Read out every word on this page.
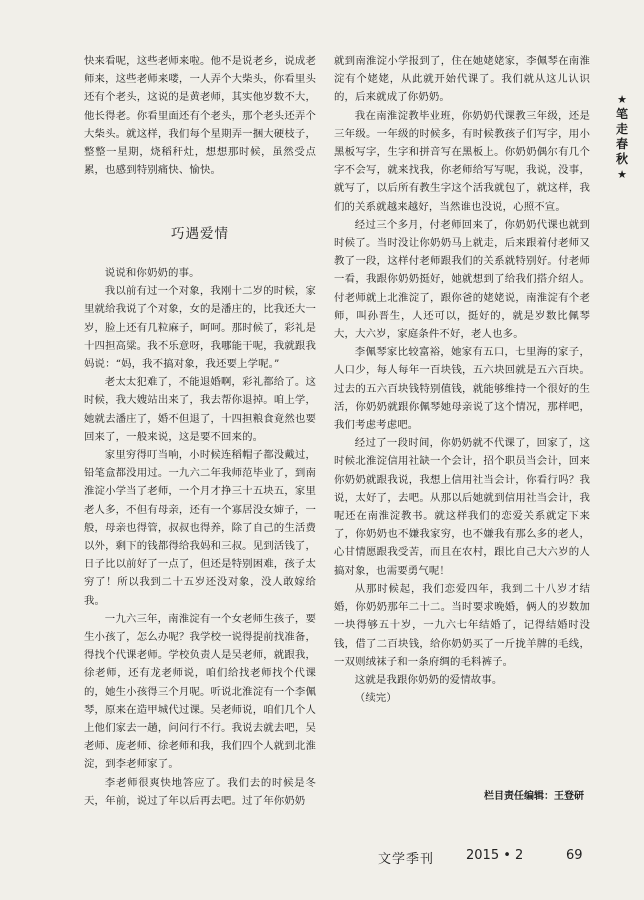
快来看呢，这些老师来啦。他不是说老乡，说成老师来，这些老师来喽，一人弄个大柴头，你看里头还有个老头，这说的是黄老师，其实他岁数不大，他长得老。你看里面还有个老头，那个老头还弄个大柴头。就这样，我们每个星期弄一捆大硬枝子，整整一星期，烧稻秆灶，想想那时候，虽然受点累，也感到特别痛快、愉快。

巧遇爱情

说说和你奶奶的事。

我以前有过一个对象，我刚十二岁的时候，家里就给我说了个对象，女的是潘庄的，比我还大一岁，脸上还有几粒麻子，呵呵。那时候了，彩礼是十四担高粱。我不乐意呀，我哪能干呢，我就跟我妈说：“妈，我不搞对象，我还要上学呢。”

老太太犯难了，不能退婚啊，彩礼都给了。这时候，我大嫂站出来了，我去帮你退掉。咱上学，她就去潘庄了，婚不但退了，十四担粮食竟然也要回来了，一般来说，这是要不回来的。

家里穷得叮当响，小时候连稻帽子都没戴过，铅笔盒都没用过。一九六二年我师范毕业了，到南淮淀小学当了老师，一个月才挣三十五块五，家里老人多，不但有母亲，还有一个寡居没女婶子，一般，母亲也得管，叔叔也得养，除了自己的生活费以外，剩下的钱都得给我妈和三叔。见到活钱了，日子比以前好了一点了，但还是特别困难，孩子太穷了！所以我到二十五岁还没对象，没人敢嫁给我。

一九六三年，南淮淀有一个女老师生孩子，要生小孩了，怎么办呢？我学校一说得提前找准备，得找个代课老师。学校负责人是吴老师，就跟我，徐老师，还有龙老师说，咱们给找老师找个代课的，她生小孩得三个月呢。听说北淮淀有一个李佩琴，原来在造甲城代过课。吴老师说，咱们几个人上他们家去一趟，问问行不行。我说去就去吧，吴老师、庞老师、徐老师和我，我们四个人就到北淮淀，到李老师家了。

李老师很爽快地答应了。我们去的时候是冬天，年前，说过了年以后再去吧。过了年你奶奶

就到南淮淀小学报到了，住在她姥姥家，李佩琴在南淮淀有个姥姥，从此就开始代课了。我们就从这儿认识的，后来就成了你奶奶。

我在南淮淀教毕业班，你奶奶代课教三年级，还是三年级。一年级的时候多，有时候教孩子们写字，用小黑板写字，生字和拼音写在黑板上。你奶奶偶尔有几个字不会写，就来找我，你老师给写写呢，我说，没事，就写了，以后所有教生字这个活我就包了，就这样，我们的关系就越来越好，当然谁也没说，心照不宣。

经过三个多月，付老师回来了，你奶奶代课也就到时候了。当时没让你奶奶马上就走，后来跟着付老师又教了一段，这样付老师跟我们的关系就特别好。付老师一看，我跟你奶奶挺好，她就想到了给我们搭介绍人。付老师就上北淮淀了，跟你爸的姥姥说，南淮淀有个老师，叫孙晋生，人还可以，挺好的，就是岁数比佩琴大，大六岁，家庭条件不好，老人也多。

李佩琴家比较富裕，她家有五口，七里海的家子，人口少，每人每年一百块钱，五六块回就是五六百块。过去的五六百块钱特别值钱，就能够维持一个很好的生活，你奶奶就跟你佩琴她母亲说了这个情况，那样吧，我们考虑考虑吧。

经过了一段时间，你奶奶就不代课了，回家了，这时候北淮淀信用社缺一个会计，招个职员当会计，回来你奶奶就跟我说，我想上信用社当会计，你看行吗？我说，太好了，去吧。从那以后她就到信用社当会计，我呢还在南淮淀教书。就这样我们的恋爱关系就定下来了，你奶奶也不嫌我家穷，也不嫌我有那么多的老人，心甘情愿跟我受苦，而且在农村，跟比自己大六岁的人搞对象，也需要勇气呢！

从那时候起，我们恋爱四年，我到二十八岁才结婚，你奶奶那年二十二。当时要求晚婚，俩人的岁数加一块得够五十岁，一九六七年结婚了，记得结婚时没钱，借了二百块钱，给你奶奶买了一斤拢羊牌的毛线，一双则绒袜子和一条府绸的毛料裤子。

这就是我跟你奶奶的爱情故事。

（续完）

栏目责任编辑：王登研
★
笔
走
春
秋
★
文学季刊 2015 • 2	69
